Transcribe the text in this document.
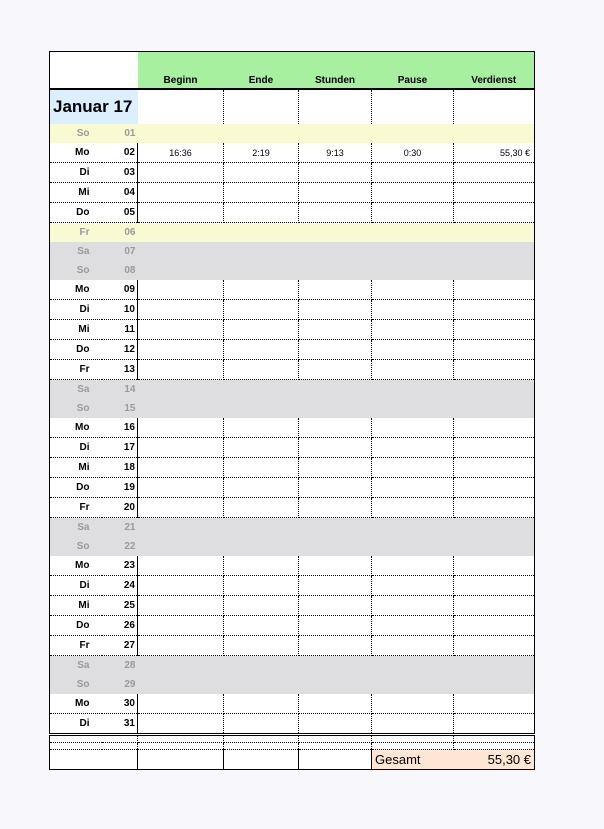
		Beginn	Ende	Stunden	Pause	Verdienst
Januar 17						
So	01					
Mo	02	16:36	2:19	9:13	0:30	55,30 €
Di	03					
Mi	04					
Do	05					
Fr	06					
Sa	07					
So	08					
Mo	09					
Di	10					
Mi	11					
Do	12					
Fr	13					
Sa	14					
So	15					
Mo	16					
Di	17					
Mi	18					
Do	19					
Fr	20					
Sa	21					
So	22					
Mo	23					
Di	24					
Mi	25					
Do	26					
Fr	27					
Sa	28					
So	29					
Mo	30					
Di	31					

					Gesamt	55,30 €
